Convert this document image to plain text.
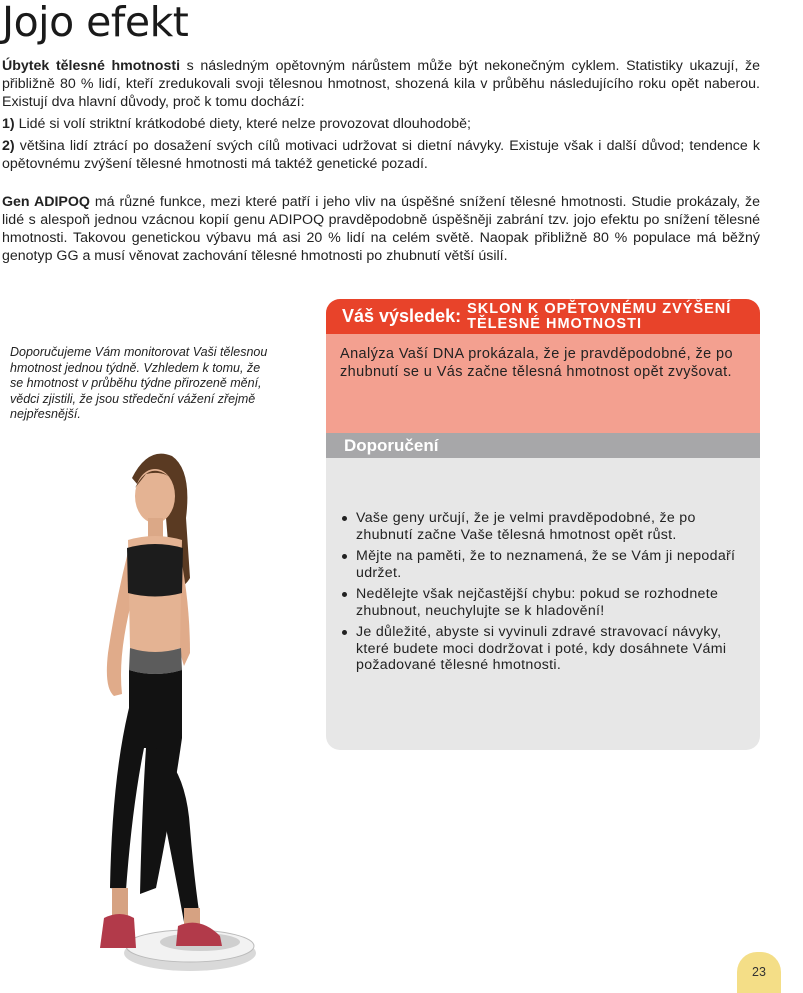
Jojo efekt

Úbytek tělesné hmotnosti s následným opětovným nárůstem může být nekonečným cyklem. Statistiky ukazují, že přibližně 80 % lidí, kteří zredukovali svoji tělesnou hmotnost, shozená kila v průběhu následujícího roku opět naberou. Existují dva hlavní důvody, proč k tomu dochází:

1) Lidé si volí striktní krátkodobé diety, které nelze provozovat dlouhodobě;

2) většina lidí ztrácí po dosažení svých cílů motivaci udržovat si dietní návyky. Existuje však i další důvod; tendence k opětovnému zvýšení tělesné hmotnosti má taktéž genetické pozadí.

Gen ADIPOQ má různé funkce, mezi které patří i jeho vliv na úspěšné snížení tělesné hmotnosti. Studie prokázaly, že lidé s alespoň jednou vzácnou kopií genu ADIPOQ pravděpodobně úspěšněji zabrání tzv. jojo efektu po snížení tělesné hmotnosti. Takovou genetickou výbavu má asi 20 % lidí na celém světě. Naopak přibližně 80 % populace má běžný genotyp GG a musí věnovat zachování tělesné hmotnosti po zhubnutí větší úsilí.

Doporučujeme Vám monitorovat Vaši tělesnou hmotnost jednou týdně. Vzhledem k tomu, že se hmotnost v průběhu týdne přirozeně mění, vědci zjistili, že jsou středeční vážení zřejmě nejpřesnější.
Váš výsledek: SKLON K OPĚTOVNÉMU ZVÝŠENÍ
TĚLESNÉ HMOTNOSTI
Analýza Vaší DNA prokázala, že je pravděpodobné, že po zhubnutí se u Vás začne tělesná hmotnost opět zvyšovat.
Doporučení
Vaše geny určují, že je velmi pravděpodobné, že po zhubnutí začne Vaše tělesná hmotnost opět růst.
Mějte na paměti, že to neznamená, že se Vám ji nepodaří udržet.
Nedělejte však nejčastější chybu: pokud se rozhodnete zhubnout, neuchylujte se k hladovění!
Je důležité, abyste si vyvinuli zdravé stravovací návyky, které budete moci dodržovat i poté, kdy dosáhnete Vámi požadované tělesné hmotnosti.
23
